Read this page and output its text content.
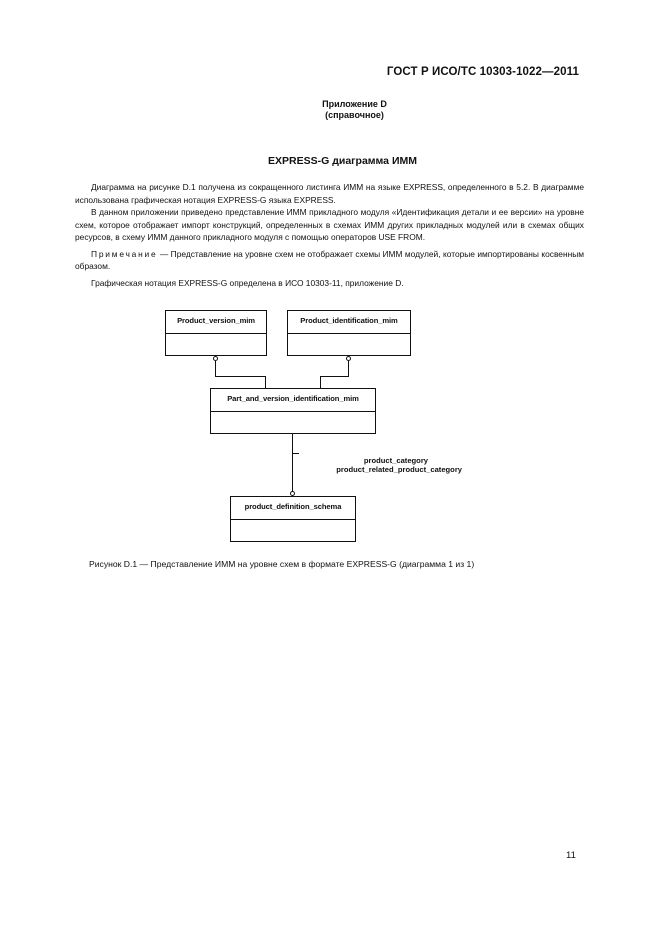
ГОСТ Р ИСО/ТС 10303-1022—2011
Приложение D
(справочное)
EXPRESS-G диаграмма ИММ

Диаграмма на рисунке D.1 получена из сокращенного листинга ИММ на языке EXPRESS, определенного в 5.2. В диаграмме использована графическая нотация EXPRESS-G языка EXPRESS.

В данном приложении приведено представление ИММ прикладного модуля «Идентификация детали и ее версии» на уровне схем, которое отображает импорт конструкций, определенных в схемах ИММ других прикладных модулей или в схемах общих ресурсов, в схему ИММ данного прикладного модуля с помощью операторов USE FROM.

Примечание — Представление на уровне схем не отображает схемы ИММ модулей, которые импортированы косвенным образом.

Графическая нотация EXPRESS-G определена в ИСО 10303-11, приложение D.

Product_version_mim	Product_identification_mim
Part_and_version_identification_mim
product_category
product_related_product_category
product_definition_schema
Рисунок D.1 — Представление ИММ на уровне схем в формате EXPRESS-G (диаграмма 1 из 1)
11
